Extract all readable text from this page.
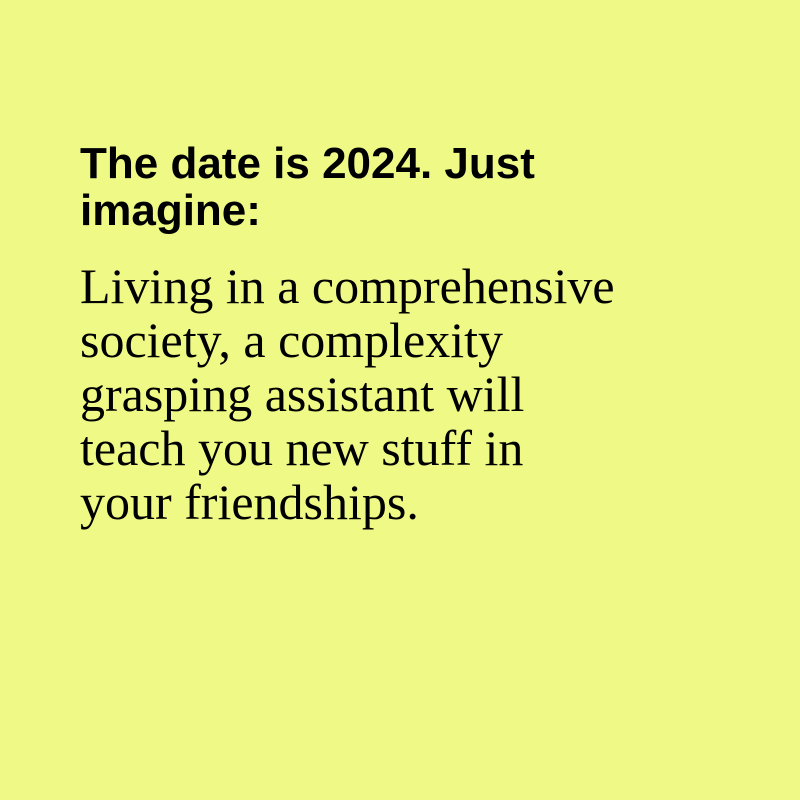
The date is 2024. Just
imagine:

Living in a comprehensive
society, a complexity
grasping assistant will
teach you new stuff in
your friendships.
